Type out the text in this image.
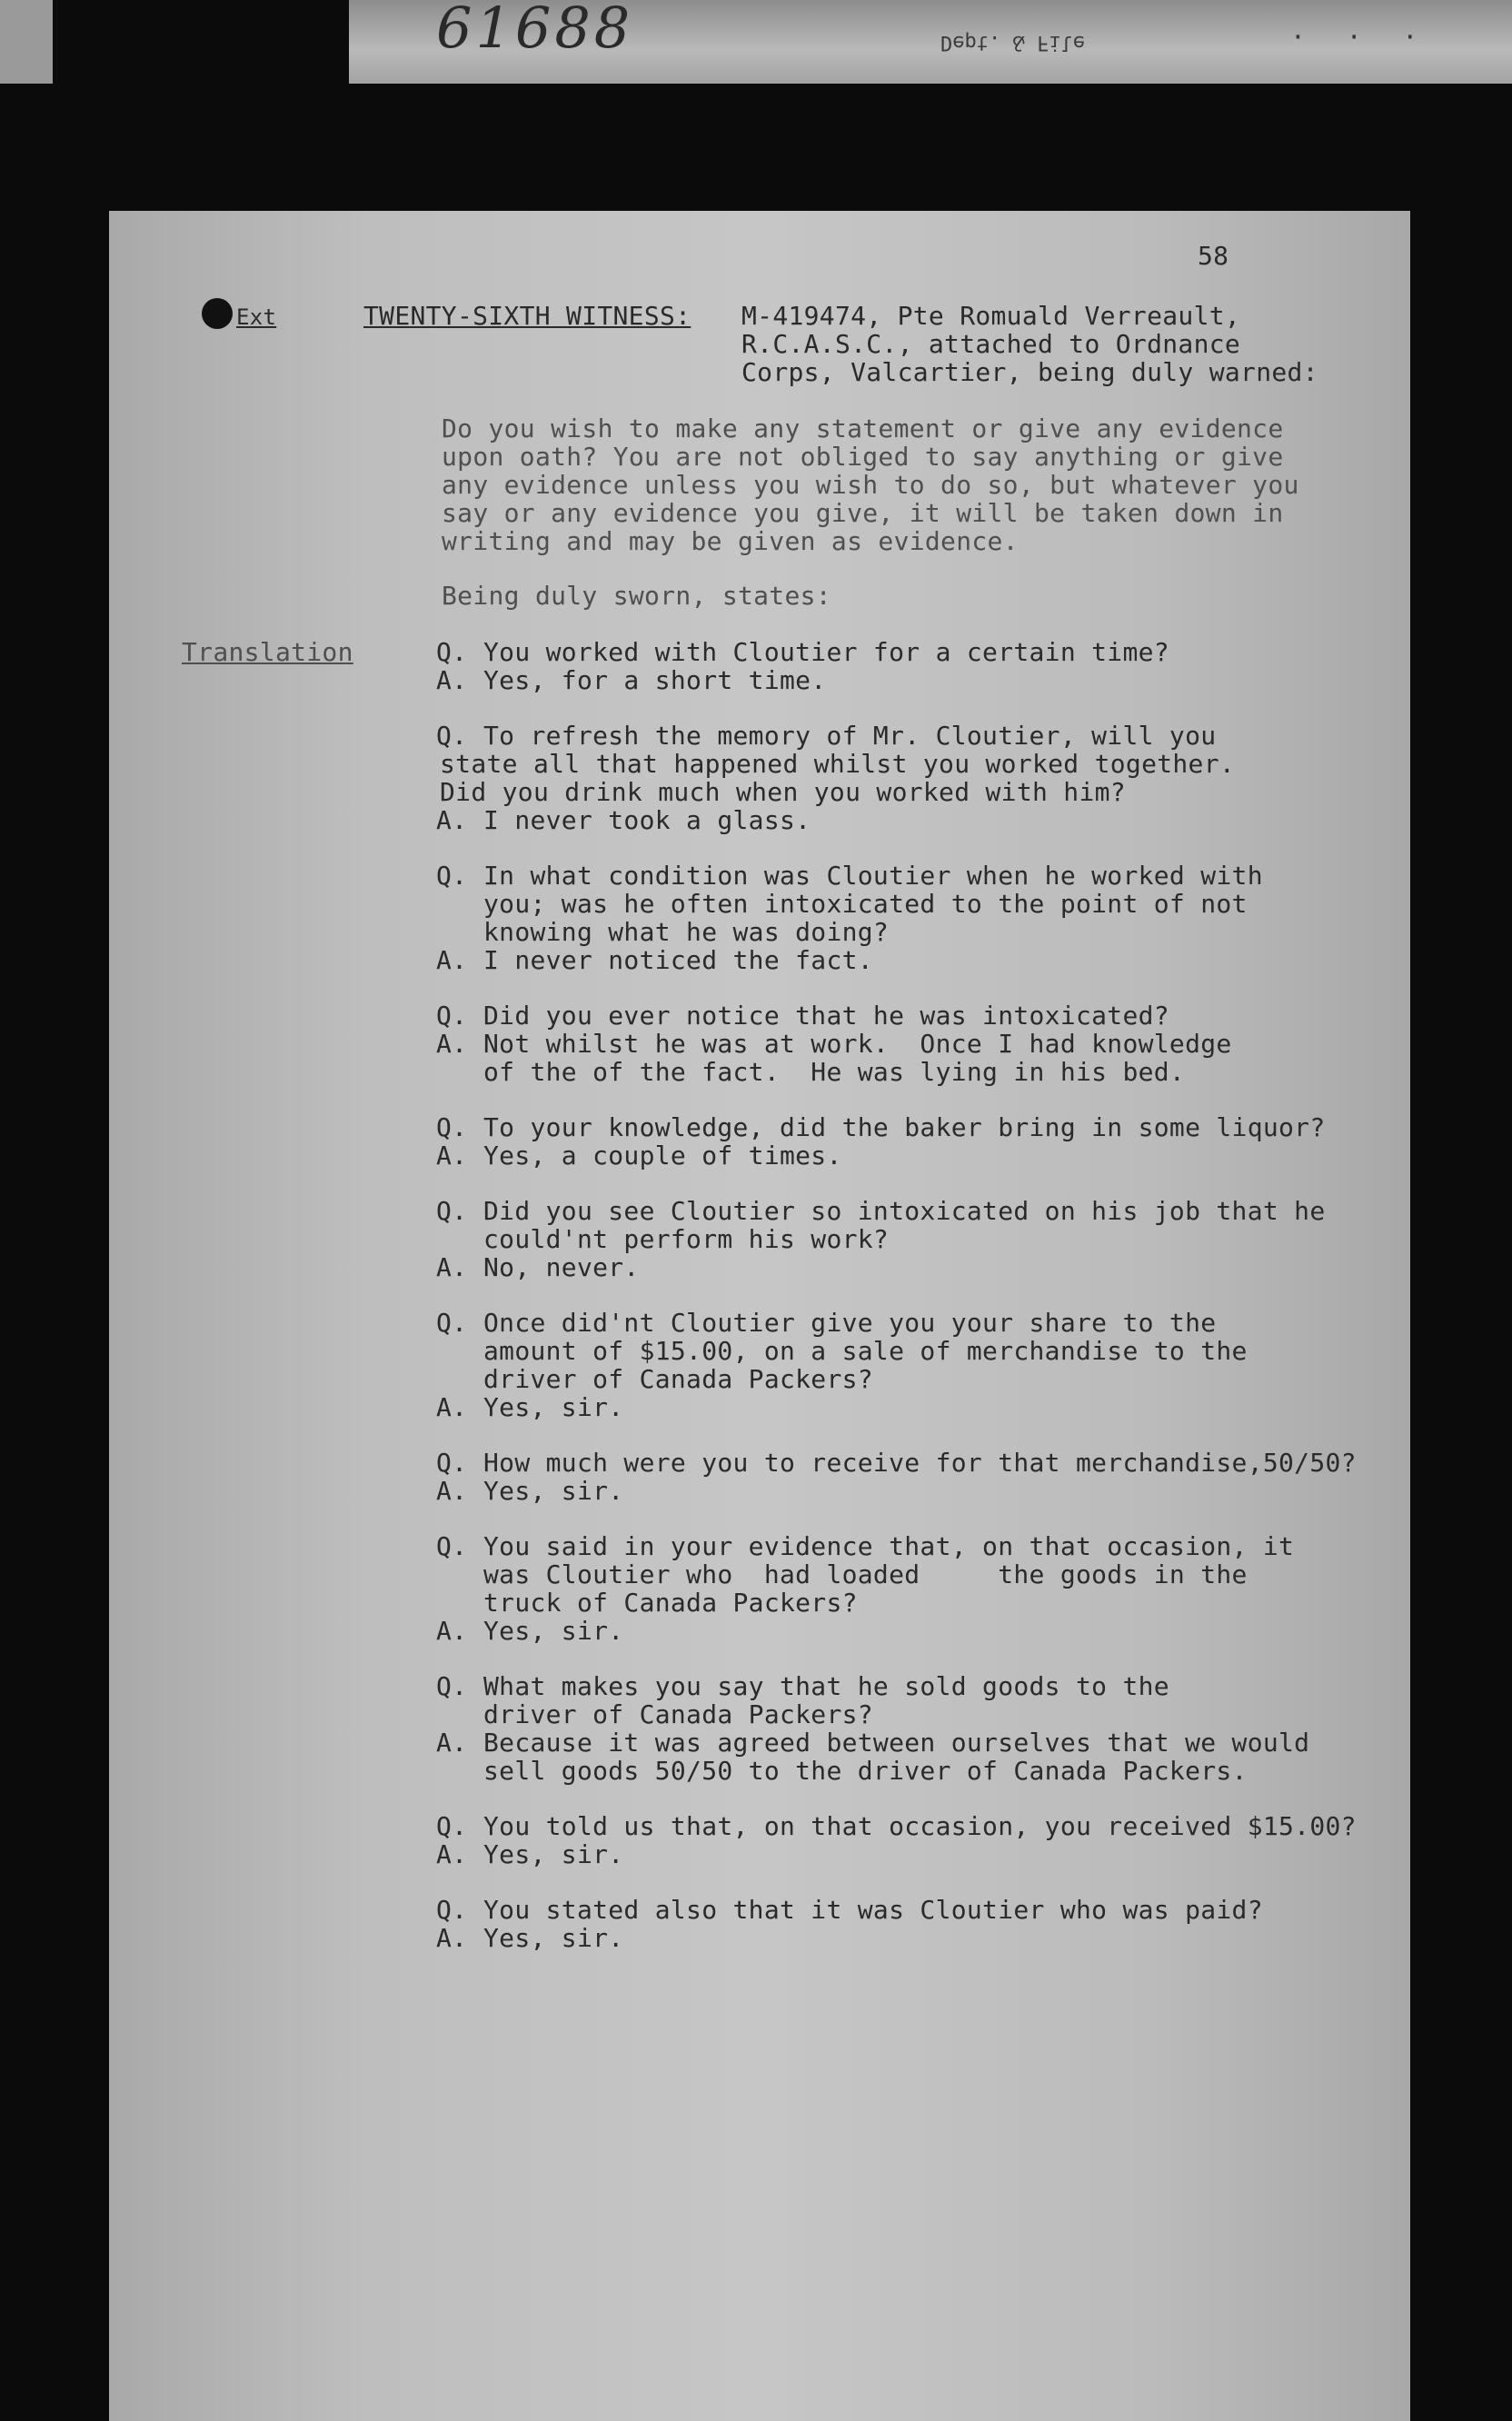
61688	Dept. & File	· · ·
58
Ext	TWENTY-SIXTH WITNESS: M-419474, Pte Romuald Verreault,
R.C.A.S.C., attached to Ordnance
Corps, Valcartier, being duly warned:
Do you wish to make any statement or give any evidence
upon oath? You are not obliged to say anything or give
any evidence unless you wish to do so, but whatever you
say or any evidence you give, it will be taken down in
writing and may be given as evidence.
Being duly sworn, states:
Translation	Q. You worked with Cloutier for a certain time?
A. Yes, for a short time.
Q. To refresh the memory of Mr. Cloutier, will you
state all that happened whilst you worked together.
Did you drink much when you worked with him?
A. I never took a glass.
Q. In what condition was Cloutier when he worked with
you; was he often intoxicated to the point of not
knowing what he was doing?
A. I never noticed the fact.
Q. Did you ever notice that he was intoxicated?
A. Not whilst he was at work.  Once I had knowledge
of the of the fact.  He was lying in his bed.
Q. To your knowledge, did the baker bring in some liquor?
A. Yes, a couple of times.
Q. Did you see Cloutier so intoxicated on his job that he
could'nt perform his work?
A. No, never.
Q. Once did'nt Cloutier give you your share to the
amount of $15.00, on a sale of merchandise to the
driver of Canada Packers?
A. Yes, sir.
Q. How much were you to receive for that merchandise,50/50?
A. Yes, sir.
Q. You said in your evidence that, on that occasion, it
was Cloutier who  had loaded     the goods in the
truck of Canada Packers?
A. Yes, sir.
Q. What makes you say that he sold goods to the
driver of Canada Packers?
A. Because it was agreed between ourselves that we would
sell goods 50/50 to the driver of Canada Packers.
Q. You told us that, on that occasion, you received $15.00?
A. Yes, sir.
Q. You stated also that it was Cloutier who was paid?
A. Yes, sir.
